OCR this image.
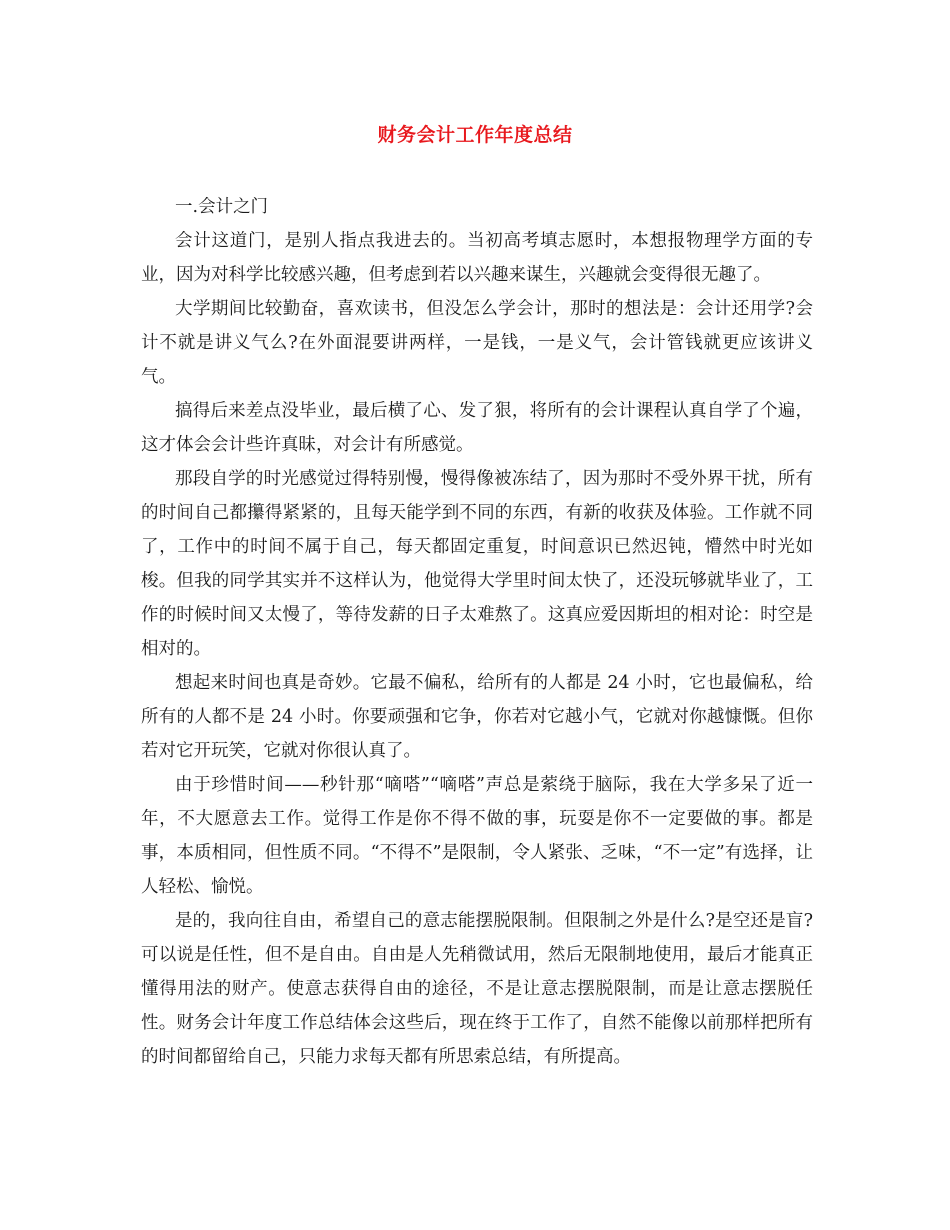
财务会计工作年度总结

一.会计之门

会计这道门，是别人指点我进去的。当初高考填志愿时，本想报物理学方面的专业，因为对科学比较感兴趣，但考虑到若以兴趣来谋生，兴趣就会变得很无趣了。

大学期间比较勤奋，喜欢读书，但没怎么学会计，那时的想法是：会计还用学?会计不就是讲义气么?在外面混要讲两样，一是钱，一是义气，会计管钱就更应该讲义气。

搞得后来差点没毕业，最后横了心、发了狠，将所有的会计课程认真自学了个遍，这才体会会计些许真昧，对会计有所感觉。

那段自学的时光感觉过得特别慢，慢得像被冻结了，因为那时不受外界干扰，所有的时间自己都攥得紧紧的，且每天能学到不同的东西，有新的收获及体验。工作就不同了，工作中的时间不属于自己，每天都固定重复，时间意识已然迟钝，懵然中时光如梭。但我的同学其实并不这样认为，他觉得大学里时间太快了，还没玩够就毕业了，工作的时候时间又太慢了，等待发薪的日子太难熬了。这真应爱因斯坦的相对论：时空是相对的。

想起来时间也真是奇妙。它最不偏私，给所有的人都是 24 小时，它也最偏私，给所有的人都不是 24 小时。你要顽强和它争，你若对它越小气，它就对你越慷慨。但你若对它开玩笑，它就对你很认真了。

由于珍惜时间——秒针那“嘀嗒”“嘀嗒”声总是萦绕于脑际，我在大学多呆了近一年，不大愿意去工作。觉得工作是你不得不做的事，玩耍是你不一定要做的事。都是事，本质相同，但性质不同。“不得不”是限制，令人紧张、乏味，“不一定”有选择，让人轻松、愉悦。

是的，我向往自由，希望自己的意志能摆脱限制。但限制之外是什么?是空还是盲?可以说是任性，但不是自由。自由是人先稍微试用，然后无限制地使用，最后才能真正懂得用法的财产。使意志获得自由的途径，不是让意志摆脱限制，而是让意志摆脱任性。财务会计年度工作总结体会这些后，现在终于工作了，自然不能像以前那样把所有的时间都留给自己，只能力求每天都有所思索总结，有所提高。
